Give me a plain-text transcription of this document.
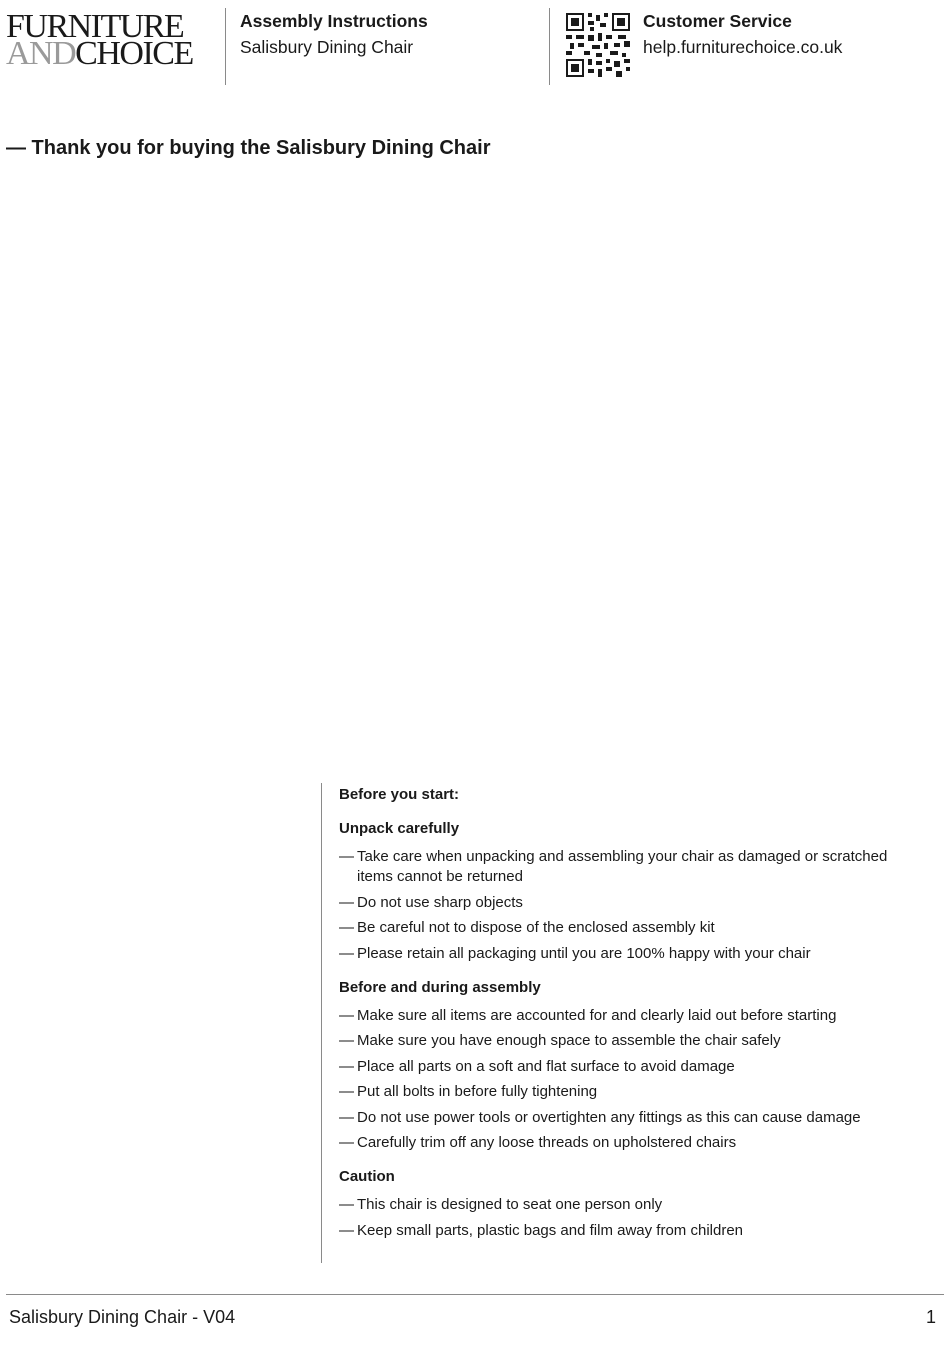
FURNITURE
ANDCHOICE
Assembly Instructions
Salisbury Dining Chair
Customer Service
help.furniturechoice.co.uk
— Thank you for buying the Salisbury Dining Chair
Before you start:
Unpack carefully
— Take care when unpacking and assembling your chair as damaged or scratched items cannot be returned
— Do not use sharp objects
— Be careful not to dispose of the enclosed assembly kit
— Please retain all packaging until you are 100% happy with your chair
Before and during assembly
— Make sure all items are accounted for and clearly laid out before starting
— Make sure you have enough space to assemble the chair safely
— Place all parts on a soft and flat surface to avoid damage
— Put all bolts in before fully tightening
— Do not use power tools or overtighten any fittings as this can cause damage
— Carefully trim off any loose threads on upholstered chairs
Caution
— This chair is designed to seat one person only
— Keep small parts, plastic bags and film away from children
Salisbury Dining Chair - V04	1
